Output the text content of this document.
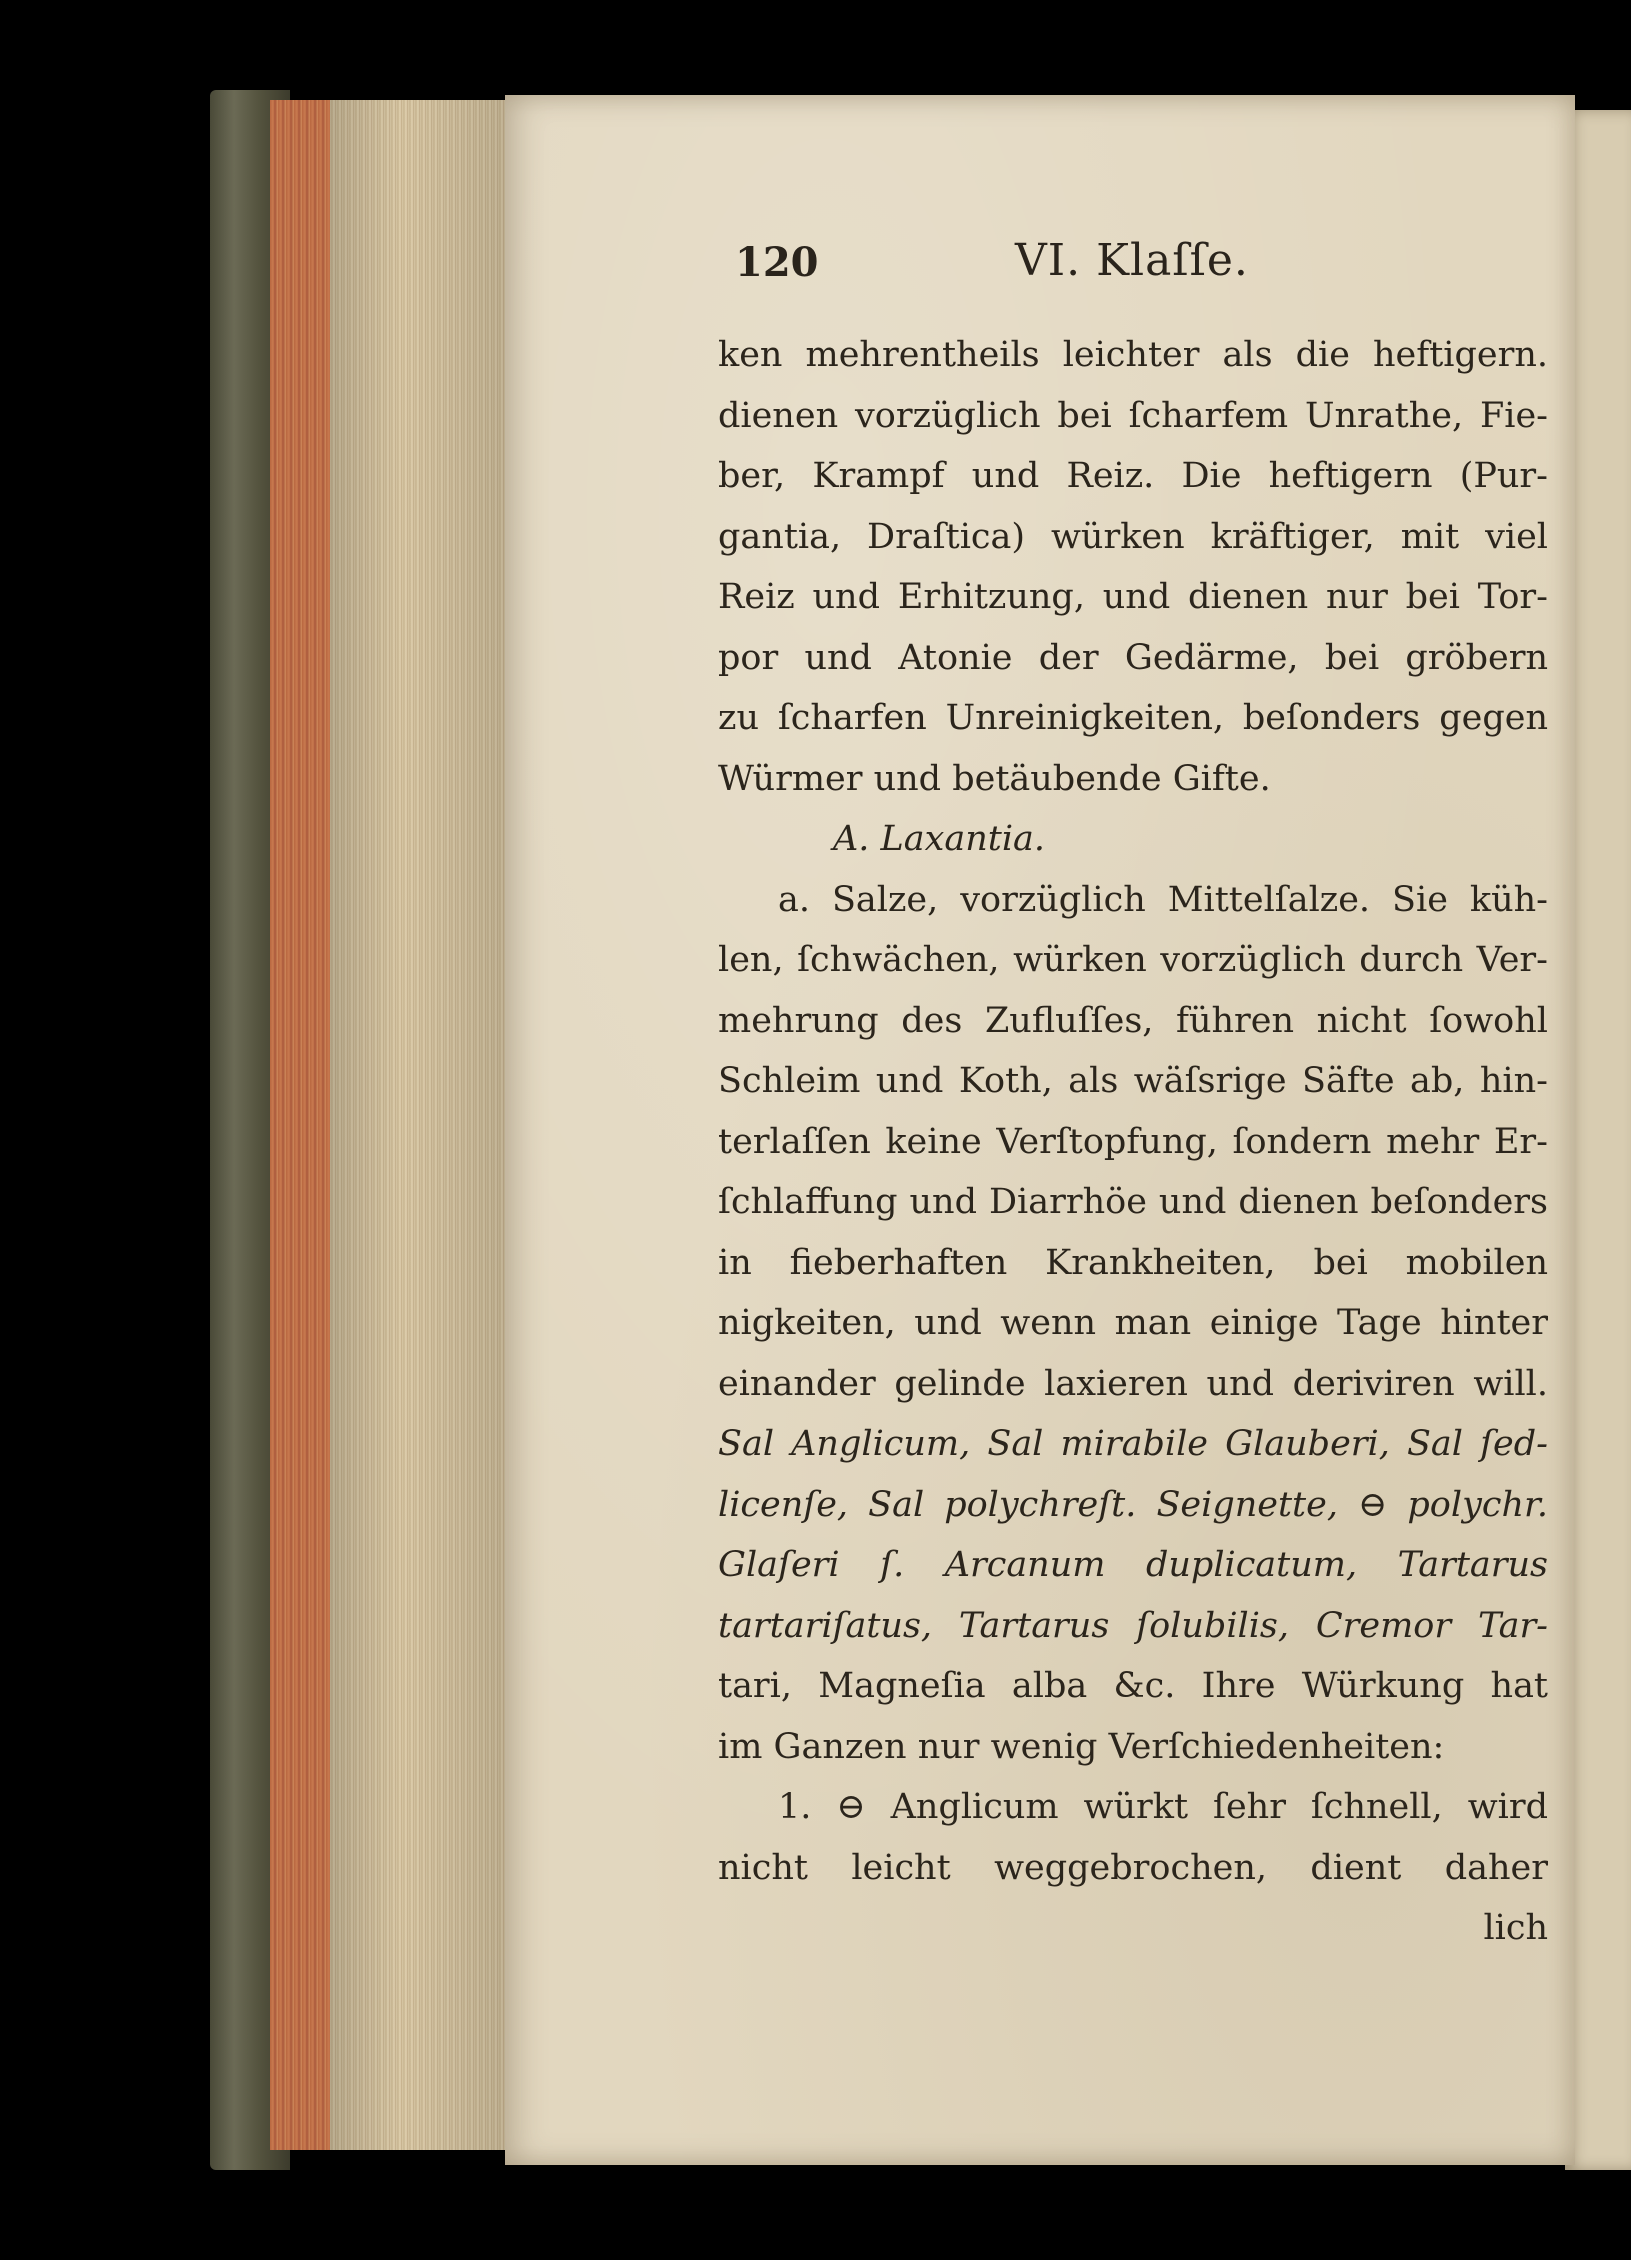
120	VI. Klaſſe.
ken mehrentheils leichter als die heftigern.
dienen vorzüglich bei ſcharfem Unrathe, Fie-
ber, Krampf und Reiz. Die heftigern (Pur-
gantia, Draſtica) würken kräftiger, mit viel
Reiz und Erhitzung, und dienen nur bei Tor-
por und Atonie der Gedärme, bei gröbern
zu ſcharfen Unreinigkeiten, beſonders gegen
Würmer und betäubende Gifte.
A. Laxantia.
a. Salze, vorzüglich Mittelſalze. Sie küh-
len, ſchwächen, würken vorzüglich durch Ver-
mehrung des Zufluſſes, führen nicht ſowohl
Schleim und Koth, als wäſsrige Säfte ab, hin-
terlaſſen keine Verſtopfung, ſondern mehr Er-
ſchlaffung und Diarrhöe und dienen beſonders
in fieberhaften Krankheiten, bei mobilen
nigkeiten, und wenn man einige Tage hinter
einander gelinde laxieren und deriviren will.
Sal Anglicum, Sal mirabile Glauberi, Sal ſed-
licenſe, Sal polychreſt. Seignette, ⊖ polychr.
Glaſeri ſ. Arcanum duplicatum, Tartarus
tartariſatus, Tartarus ſolubilis, Cremor Tar-
tari, Magneſia alba &c. Ihre Würkung hat
im Ganzen nur wenig Verſchiedenheiten:
1. ⊖ Anglicum würkt ſehr ſchnell, wird
nicht leicht weggebrochen, dient daher
lich
